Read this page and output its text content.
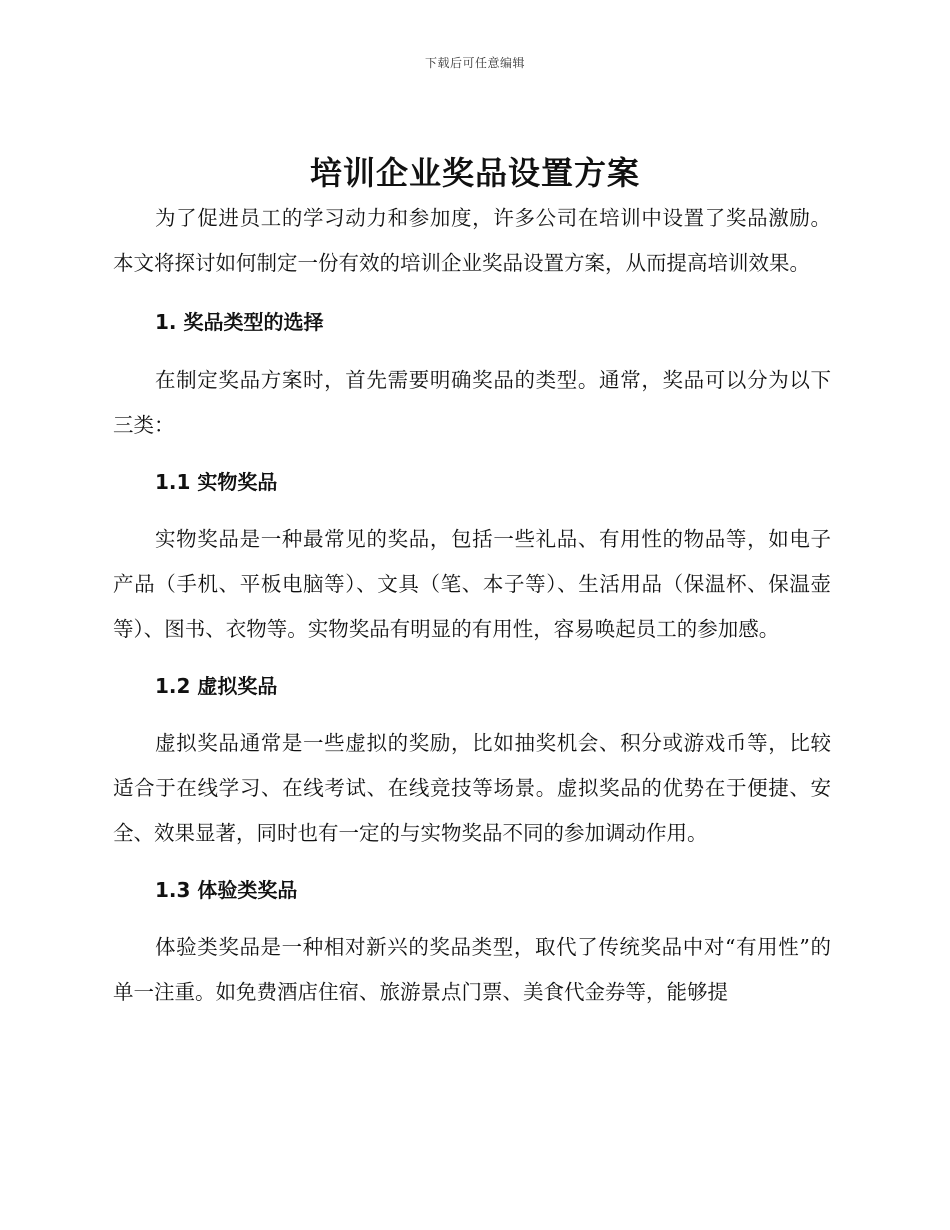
下载后可任意编辑
培训企业奖品设置方案

为了促进员工的学习动力和参加度，许多公司在培训中设置了奖品激励。本文将探讨如何制定一份有效的培训企业奖品设置方案，从而提高培训效果。

1. 奖品类型的选择

在制定奖品方案时，首先需要明确奖品的类型。通常，奖品可以分为以下三类：

1.1 实物奖品

实物奖品是一种最常见的奖品，包括一些礼品、有用性的物品等，如电子产品（手机、平板电脑等）、文具（笔、本子等）、生活用品（保温杯、保温壶等）、图书、衣物等。实物奖品有明显的有用性，容易唤起员工的参加感。

1.2 虚拟奖品

虚拟奖品通常是一些虚拟的奖励，比如抽奖机会、积分或游戏币等，比较适合于在线学习、在线考试、在线竞技等场景。虚拟奖品的优势在于便捷、安全、效果显著，同时也有一定的与实物奖品不同的参加调动作用。

1.3 体验类奖品

体验类奖品是一种相对新兴的奖品类型，取代了传统奖品中对“有用性”的单一注重。如免费酒店住宿、旅游景点门票、美食代金券等，能够提
